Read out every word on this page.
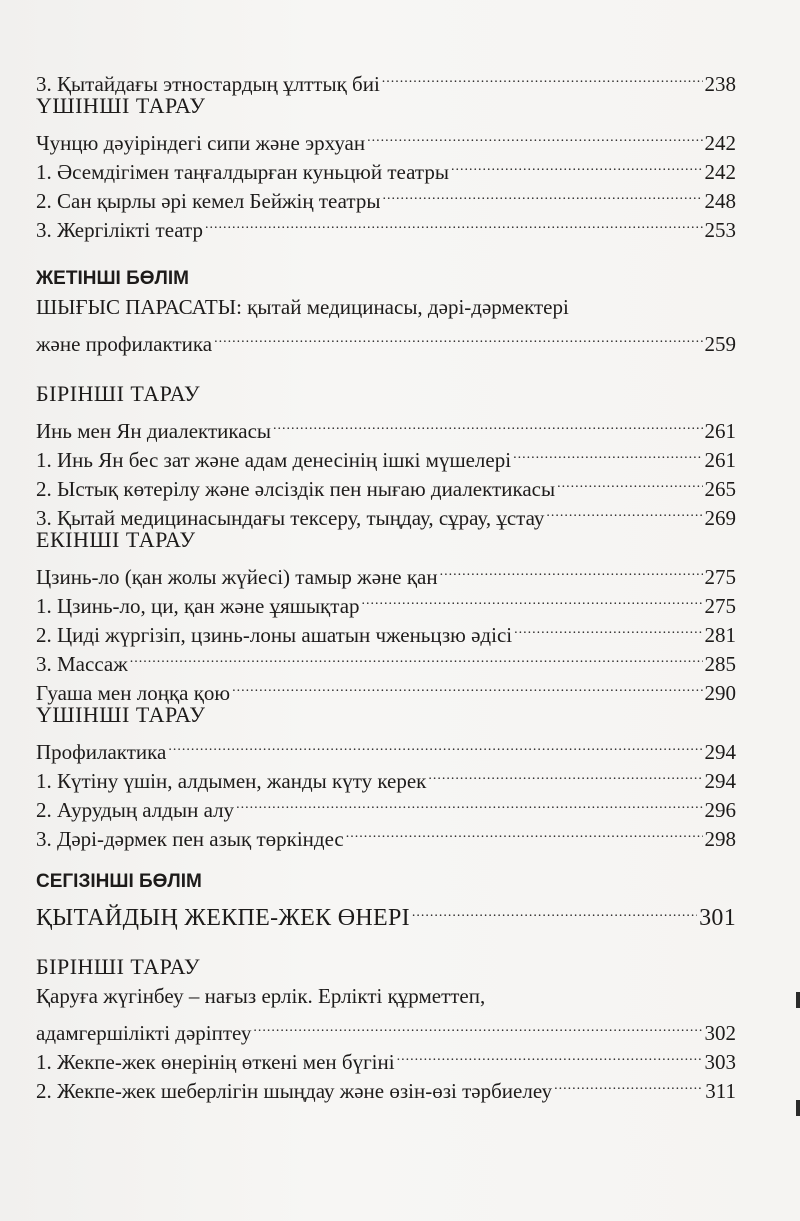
3. Қытайдағы этностардың ұлттық биі .....	238
ҮШІНШІ ТАРАУ
Чунцю дәуіріндегі сипи және эрхуан .....	242
1. Әсемдігімен таңғалдырған куньцюй театры .....	242
2. Сан қырлы әрі кемел Бейжің театры .....	248
3. Жергілікті театр .....	253
ЖЕТІНШІ БӨЛІМ
ШЫҒЫС ПАРАСАТЫ: қытай медицинасы, дәрі-дәрмектері
және профилактика .....	259
БІРІНШІ ТАРАУ
Инь мен Ян диалектикасы .....	261
1. Инь Ян бес зат және адам денесінің ішкі мүшелері .....	261
2. Ыстық көтерілу және әлсіздік пен нығаю диалектикасы .....	265
3. Қытай медицинасындағы тексеру, тыңдау, сұрау, ұстау .....	269
ЕКІНШІ ТАРАУ
Цзинь-ло (қан жолы жүйесі) тамыр және қан .....	275
1. Цзинь-ло, ци, қан және ұяшықтар .....	275
2. Циді жүргізіп, цзинь-лоны ашатын чженьцзю әдісі .....	281
3. Массаж .....	285
Гуаша мен лоңқа қою .....	290
ҮШІНШІ ТАРАУ
Профилактика .....	294
1. Күтіну үшін, алдымен, жанды күту керек .....	294
2. Аурудың алдын алу .....	296
3. Дәрі-дәрмек пен азық төркіндес .....	298
СЕГІЗІНШІ БӨЛІМ
ҚЫТАЙДЫҢ ЖЕКПЕ-ЖЕК ӨНЕРІ .....	301
БІРІНШІ ТАРАУ
Қаруға жүгінбеу – нағыз ерлік. Ерлікті құрметтеп,
адамгершілікті дәріптеу .....	302
1. Жекпе-жек өнерінің өткені мен бүгіні .....	303
2. Жекпе-жек шеберлігін шыңдау және өзін-өзі тәрбиелеу .....	311
